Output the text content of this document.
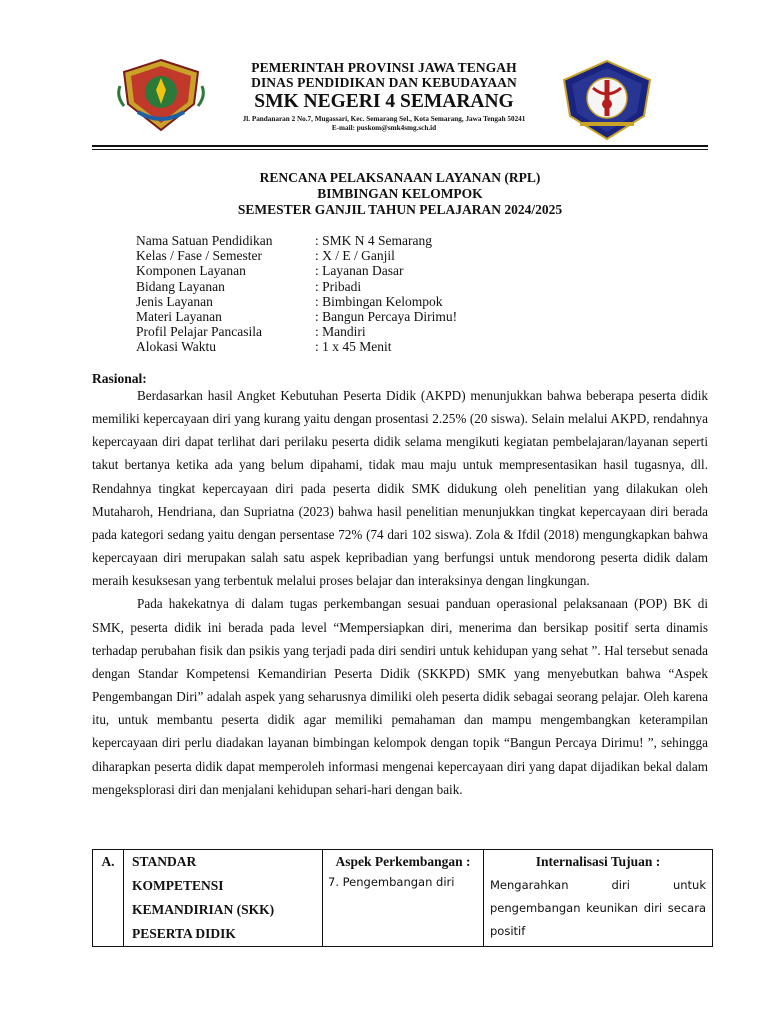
PEMERINTAH PROVINSI JAWA TENGAH
DINAS PENDIDIKAN DAN KEBUDAYAAN
SMK NEGERI 4 SEMARANG
Jl. Pandanaran 2 No.7, Mugassari, Kec. Semarang Sel., Kota Semarang, Jawa Tengah 50241
E-mail: puskom@smk4smg.sch.id
RENCANA PELAKSANAAN LAYANAN (RPL)
BIMBINGAN KELOMPOK
SEMESTER GANJIL TAHUN PELAJARAN 2024/2025
Nama Satuan Pendidikan	: SMK N 4 Semarang
Kelas / Fase / Semester	: X / E / Ganjil
Komponen Layanan	: Layanan Dasar
Bidang Layanan	: Pribadi
Jenis Layanan	: Bimbingan Kelompok
Materi Layanan	: Bangun Percaya Dirimu!
Profil Pelajar Pancasila	: Mandiri
Alokasi Waktu	: 1 x 45 Menit
Rasional:

Berdasarkan hasil Angket Kebutuhan Peserta Didik (AKPD) menunjukkan bahwa beberapa peserta didik memiliki kepercayaan diri yang kurang yaitu dengan prosentasi 2.25% (20 siswa). Selain melalui AKPD, rendahnya kepercayaan diri dapat terlihat dari perilaku peserta didik selama mengikuti kegiatan pembelajaran/layanan seperti takut bertanya ketika ada yang belum dipahami, tidak mau maju untuk mempresentasikan hasil tugasnya, dll. Rendahnya tingkat kepercayaan diri pada peserta didik SMK didukung oleh penelitian yang dilakukan oleh Mutaharoh, Hendriana, dan Supriatna (2023) bahwa hasil penelitian menunjukkan tingkat kepercayaan diri berada pada kategori sedang yaitu dengan persentase 72% (74 dari 102 siswa). Zola & Ifdil (2018) mengungkapkan bahwa kepercayaan diri merupakan salah satu aspek kepribadian yang berfungsi untuk mendorong peserta didik dalam meraih kesuksesan yang terbentuk melalui proses belajar dan interaksinya dengan lingkungan.

Pada hakekatnya di dalam tugas perkembangan sesuai panduan operasional pelaksanaan (POP) BK di SMK, peserta didik ini berada pada level “Mempersiapkan diri, menerima dan bersikap positif serta dinamis terhadap perubahan fisik dan psikis yang terjadi pada diri sendiri untuk kehidupan yang sehat ”. Hal tersebut senada dengan Standar Kompetensi Kemandirian Peserta Didik (SKKPD) SMK yang menyebutkan bahwa “Aspek Pengembangan Diri” adalah aspek yang seharusnya dimiliki oleh peserta didik sebagai seorang pelajar. Oleh karena itu, untuk membantu peserta didik agar memiliki pemahaman dan mampu mengembangkan keterampilan kepercayaan diri perlu diadakan layanan bimbingan kelompok dengan topik “Bangun Percaya Dirimu! ”, sehingga diharapkan peserta didik dapat memperoleh informasi mengenai kepercayaan diri yang dapat dijadikan bekal dalam mengeksplorasi diri dan menjalani kehidupan sehari-hari dengan baik.

A.	STANDAR
KOMPETENSI
KEMANDIRIAN (SKK)
PESERTA DIDIK

Aspek Perkembangan :
7. Pengembangan diri

Internalisasi Tujuan :
Mengarahkan diri untuk pengembangan keunikan diri secara positif
